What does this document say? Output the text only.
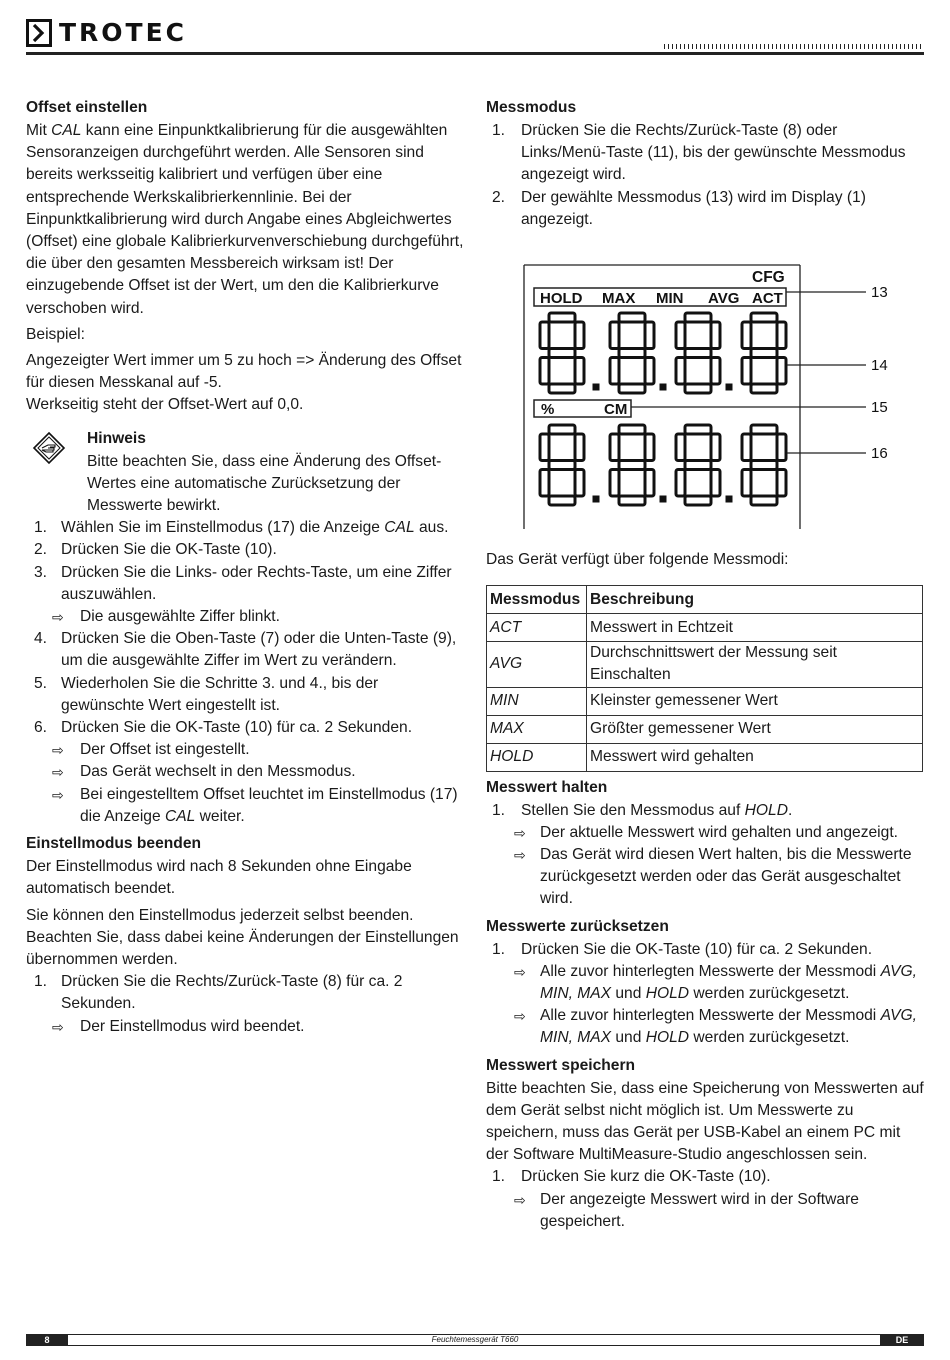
TROTEC
Offset einstellen

Mit CAL kann eine Einpunktkalibrierung für die ausgewählten Sensoranzeigen durchgeführt werden. Alle Sensoren sind bereits werksseitig kalibriert und verfügen über eine entsprechende Werkskalibrierkennlinie. Bei der Einpunktkalibrierung wird durch Angabe eines Abgleichwertes (Offset) eine globale Kalibrierkurvenverschiebung durchgeführt, die über den gesamten Messbereich wirksam ist! Der einzugebende Offset ist der Wert, um den die Kalibrierkurve verschoben wird.

Beispiel:

Angezeigter Wert immer um 5 zu hoch => Änderung des Offset für diesen Messkanal auf -5.

Werkseitig steht der Offset-Wert auf 0,0.

Hinweis

Bitte beachten Sie, dass eine Änderung des Offset-Wertes eine automatische Zurücksetzung der Messwerte bewirkt.

1. Wählen Sie im Einstellmodus (17) die Anzeige CAL aus.
2. Drücken Sie die OK-Taste (10).
3. Drücken Sie die Links- oder Rechts-Taste, um eine Ziffer auszuwählen.
⇨ Die ausgewählte Ziffer blinkt.
4. Drücken Sie die Oben-Taste (7) oder die Unten-Taste (9), um die ausgewählte Ziffer im Wert zu verändern.
5. Wiederholen Sie die Schritte 3. und 4., bis der gewünschte Wert eingestellt ist.
6. Drücken Sie die OK-Taste (10) für ca. 2 Sekunden.
⇨ Der Offset ist eingestellt.
⇨ Das Gerät wechselt in den Messmodus.
⇨ Bei eingestelltem Offset leuchtet im Einstellmodus (17) die Anzeige CAL weiter.
Einstellmodus beenden

Der Einstellmodus wird nach 8 Sekunden ohne Eingabe automatisch beendet.

Sie können den Einstellmodus jederzeit selbst beenden. Beachten Sie, dass dabei keine Änderungen der Einstellungen übernommen werden.

1. Drücken Sie die Rechts/Zurück-Taste (8) für ca. 2 Sekunden.
⇨ Der Einstellmodus wird beendet.
Messmodus
1. Drücken Sie die Rechts/Zurück-Taste (8) oder Links/Menü-Taste (11), bis der gewünschte Messmodus angezeigt wird.
2. Der gewählte Messmodus (13) wird im Display (1) angezeigt.
CFG
HOLD MAX MIN AVG ACT
%	CM
13
14
15
16

Das Gerät verfügt über folgende Messmodi:

Messmodus	Beschreibung
ACT	Messwert in Echtzeit
AVG	Durchschnittswert der Messung seit Einschalten
MIN	Kleinster gemessener Wert
MAX	Größter gemessener Wert
HOLD	Messwert wird gehalten
Messwert halten
1. Stellen Sie den Messmodus auf HOLD.
⇨ Der aktuelle Messwert wird gehalten und angezeigt.
⇨ Das Gerät wird diesen Wert halten, bis die Messwerte zurückgesetzt werden oder das Gerät ausgeschaltet wird.
Messwerte zurücksetzen
1. Drücken Sie die OK-Taste (10) für ca. 2 Sekunden.
⇨ Alle zuvor hinterlegten Messwerte der Messmodi AVG, MIN, MAX und HOLD werden zurückgesetzt.
⇨ Alle zuvor hinterlegten Messwerte der Messmodi AVG, MIN, MAX und HOLD werden zurückgesetzt.
Messwert speichern

Bitte beachten Sie, dass eine Speicherung von Messwerten auf dem Gerät selbst nicht möglich ist. Um Messwerte zu speichern, muss das Gerät per USB-Kabel an einem PC mit der Software MultiMeasure-Studio angeschlossen sein.

1. Drücken Sie kurz die OK-Taste (10).
⇨ Der angezeigte Messwert wird in der Software gespeichert.
8	Feuchtemessgerät T660	DE
